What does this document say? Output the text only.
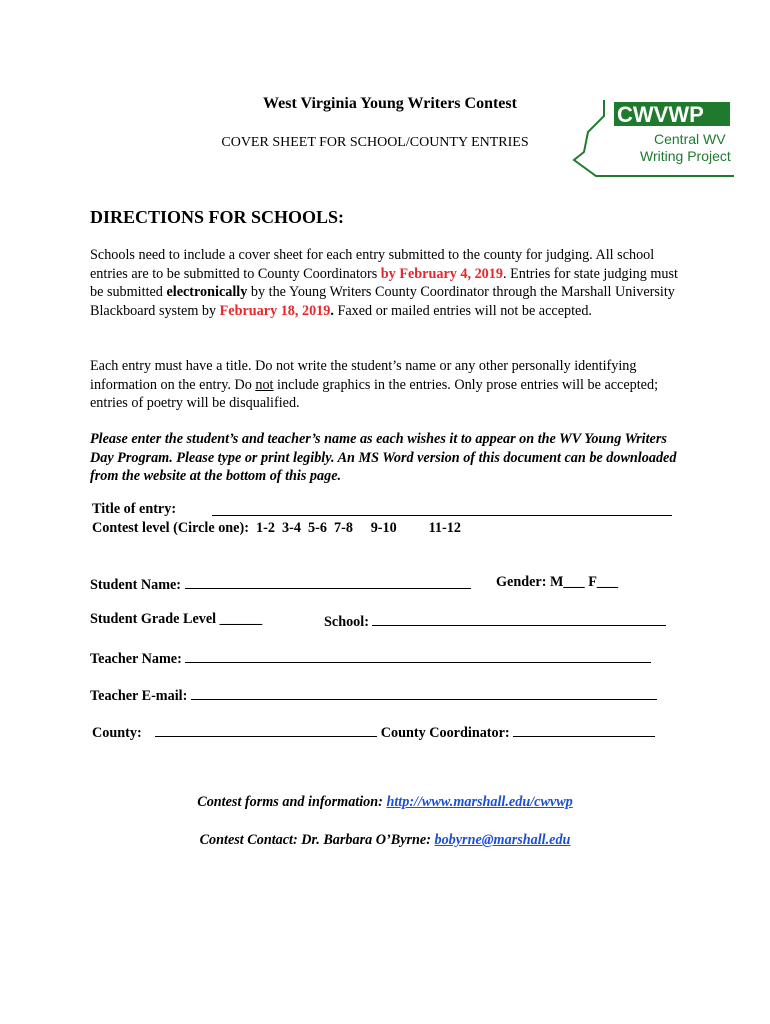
West Virginia Young Writers Contest
COVER SHEET FOR SCHOOL/COUNTY ENTRIES
CWVWP
Central WV
Writing Project
DIRECTIONS FOR SCHOOLS:
Schools need to include a cover sheet for each entry submitted to the county for judging. All school entries are to be submitted to County Coordinators by February 4, 2019. Entries for state judging must be submitted electronically by the Young Writers County Coordinator through the Marshall University Blackboard system by February 18, 2019. Faxed or mailed entries will not be accepted.
Each entry must have a title. Do not write the student’s name or any other personally identifying information on the entry. Do not include graphics in the entries. Only prose entries will be accepted; entries of poetry will be disqualified.
Please enter the student’s and teacher’s name as each wishes it to appear on the WV Young Writers Day Program. Please type or print legibly. An MS Word version of this document can be downloaded from the website at the bottom of this page.
Title of entry:
Contest level (Circle one): 1-2  3-4  5-6  7-8     9-10         11-12
Student Name:	Gender: M___ F___
Student Grade Level ______	School:
Teacher Name:
Teacher E-mail:
County:	County Coordinator:
Contest forms and information: http://www.marshall.edu/cwvwp
Contest Contact: Dr. Barbara O’Byrne: bobyrne@marshall.edu
